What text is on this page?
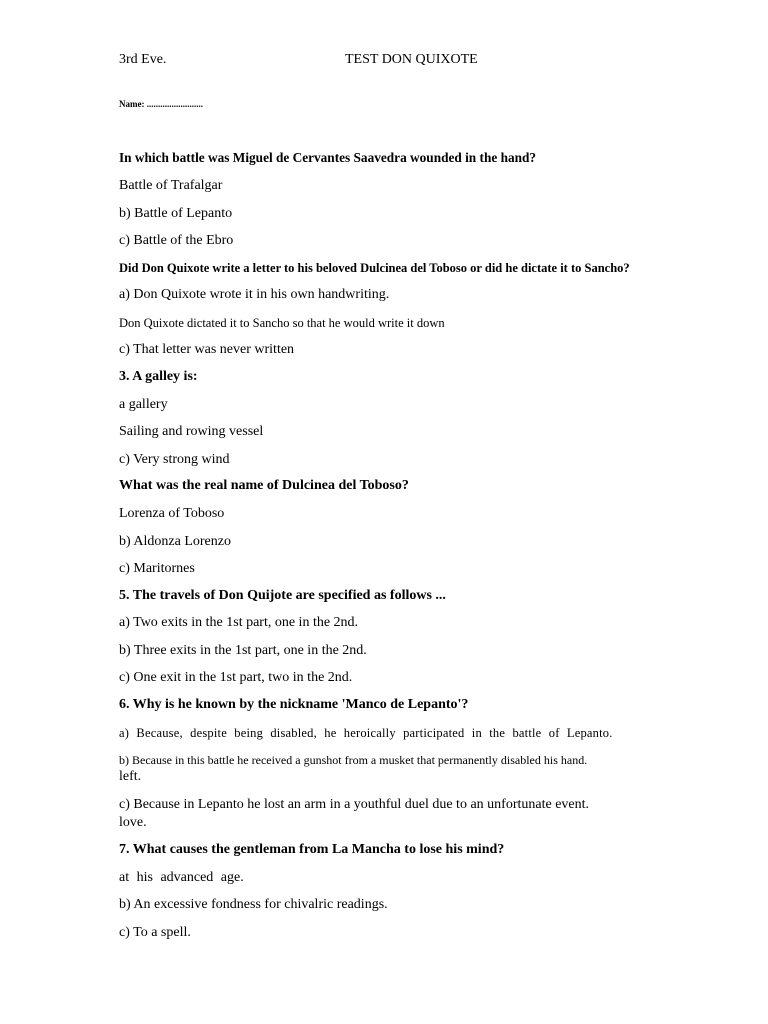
3rd Eve.	TEST DON QUIXOTE
Name: .........................
In which battle was Miguel de Cervantes Saavedra wounded in the hand?
Battle of Trafalgar
b) Battle of Lepanto
c) Battle of the Ebro
Did Don Quixote write a letter to his beloved Dulcinea del Toboso or did he dictate it to Sancho?
a) Don Quixote wrote it in his own handwriting.
Don Quixote dictated it to Sancho so that he would write it down
c) That letter was never written
3. A galley is:
a gallery
Sailing and rowing vessel
c) Very strong wind
What was the real name of Dulcinea del Toboso?
Lorenza of Toboso
b) Aldonza Lorenzo
c) Maritornes
5. The travels of Don Quijote are specified as follows ...
a) Two exits in the 1st part, one in the 2nd.
b) Three exits in the 1st part, one in the 2nd.
c) One exit in the 1st part, two in the 2nd.
6. Why is he known by the nickname 'Manco de Lepanto'?
a) Because, despite being disabled, he heroically participated in the battle of Lepanto.
b) Because in this battle he received a gunshot from a musket that permanently disabled his hand.
left.
c) Because in Lepanto he lost an arm in a youthful duel due to an unfortunate event.
love.
7. What causes the gentleman from La Mancha to lose his mind?
at his advanced age.
b) An excessive fondness for chivalric readings.
c) To a spell.
